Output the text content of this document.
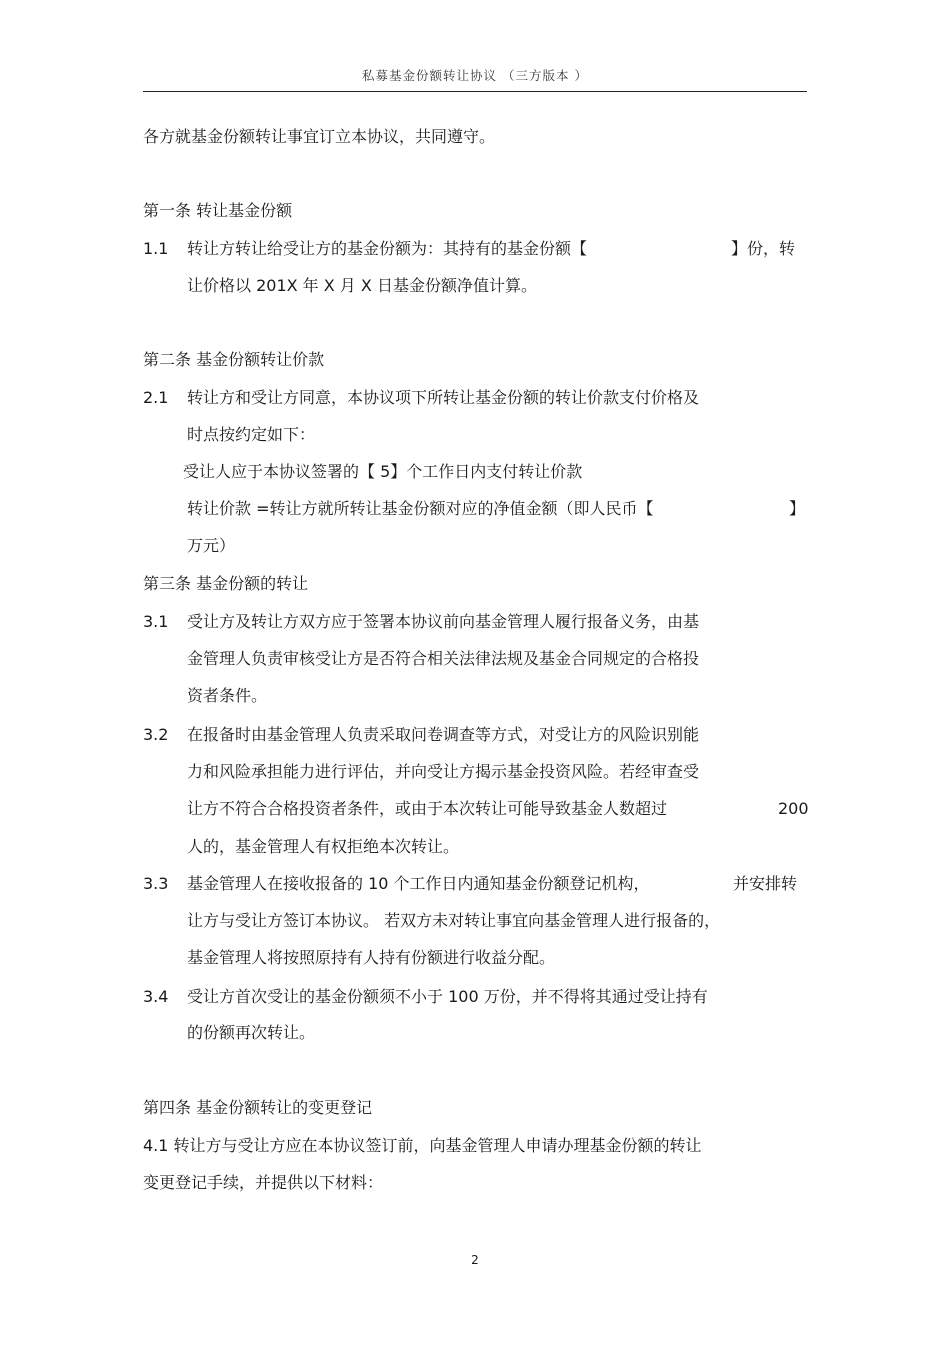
私募基金份额转让协议 （三方版本 ）
各方就基金份额转让事宜订立本协议，共同遵守。
第一条 转让基金份额
1.1 转让方转让给受让方的基金份额为：其持有的基金份额【	】份，转
让价格以 201X 年 X 月 X 日基金份额净值计算。
第二条 基金份额转让价款
2.1 转让方和受让方同意，本协议项下所转让基金份额的转让价款支付价格及
时点按约定如下：
受让人应于本协议签署的【 5】个工作日内支付转让价款
转让价款 =转让方就所转让基金份额对应的净值金额（即人民币【	】
万元）
第三条 基金份额的转让
3.1 受让方及转让方双方应于签署本协议前向基金管理人履行报备义务，由基
金管理人负责审核受让方是否符合相关法律法规及基金合同规定的合格投
资者条件。
3.2 在报备时由基金管理人负责采取问卷调查等方式，对受让方的风险识别能
力和风险承担能力进行评估，并向受让方揭示基金投资风险。若经审查受
让方不符合合格投资者条件，或由于本次转让可能导致基金人数超过	200
人的，基金管理人有权拒绝本次转让。
3.3 基金管理人在接收报备的 10 个工作日内通知基金份额登记机构，	并安排转
让方与受让方签订本协议。 若双方未对转让事宜向基金管理人进行报备的，
基金管理人将按照原持有人持有份额进行收益分配。
3.4 受让方首次受让的基金份额须不小于 100 万份，并不得将其通过受让持有
的份额再次转让。
第四条 基金份额转让的变更登记
4.1 转让方与受让方应在本协议签订前，向基金管理人申请办理基金份额的转让
变更登记手续，并提供以下材料：
2
